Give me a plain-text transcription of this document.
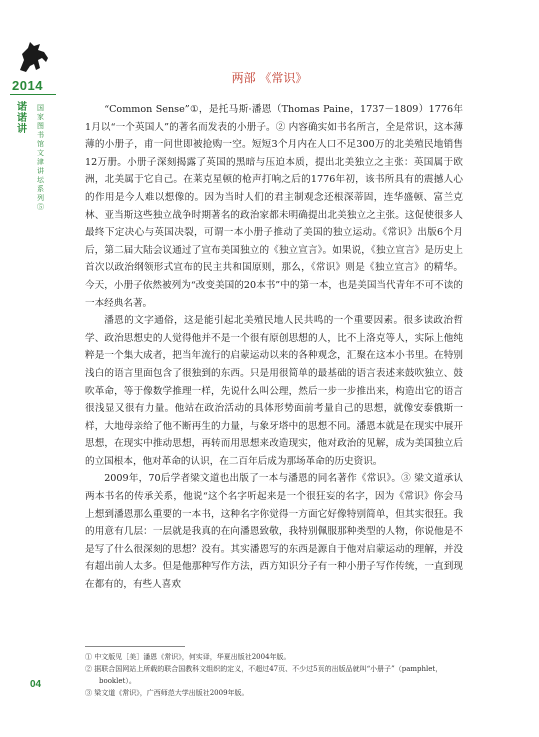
2014
诺诺讲
国家图书馆文津讲坛系列⑤
04
两部 《常识》

“Common Sense”①，是托马斯·潘恩（Thomas Paine，1737－1809）1776年1月以“一个英国人”的著名而发表的小册子。② 内容确实如书名所言，全是常识，这本薄薄的小册子，甫一问世即被抢购一空。短短3个月内在人口不足300万的北美殖民地销售12万册。小册子深刻揭露了英国的黑暗与压迫本质，提出北美独立之主张：英国属于欧洲，北美属于它自己。在莱克星顿的枪声打响之后的1776年初，该书所具有的震撼人心的作用是今人难以想像的。因为当时人们的君主制观念还根深蒂固，连华盛顿、富兰克林、亚当斯这些独立战争时期著名的政治家都未明确提出北美独立之主张。这促使很多人最终下定决心与英国决裂，可谓一本小册子推动了美国的独立运动。《常识》出版6个月后，第二届大陆会议通过了宣布美国独立的《独立宣言》。如果说，《独立宣言》是历史上首次以政治纲领形式宣布的民主共和国原则，那么，《常识》则是《独立宣言》的精华。今天，小册子依然被列为“改变美国的20本书”中的第一本，也是美国当代青年不可不读的一本经典名著。

潘恩的文字通俗，这是能引起北美殖民地人民共鸣的一个重要因素。很多读政治哲学、政治思想史的人觉得他并不是一个很有原创思想的人，比不上洛克等人，实际上他纯粹是一个集大成者，把当年流行的启蒙运动以来的各种观念，汇聚在这本小书里。在特别浅白的语言里面包含了很独到的东西。只是用很简单的最基础的语言表述来鼓吹独立、鼓吹革命，等于像数学推理一样，先说什么叫公理，然后一步一步推出来，构造出它的语言很浅显又很有力量。他站在政治活动的具体形势面前考量自己的思想，就像安泰俄斯一样，大地母亲给了他不断再生的力量，与象牙塔中的思想不同。潘恩本就是在现实中展开思想，在现实中推动思想，再转而用思想来改造现实，他对政治的见解，成为美国独立后的立国根本，他对革命的认识，在二百年后成为那场革命的历史资识。

2009年，70后学者梁文道也出版了一本与潘恩的同名著作《常识》。③ 梁文道承认两本书名的传承关系，他说“这个名字听起来是一个很狂妄的名字，因为《常识》你会马上想到潘恩那么重要的一本书，这种名字你觉得一方面它好像特别简单，但其实很狂。我的用意有几层：一层就是我真的在向潘恩致敬，我特别佩服那种类型的人物，你说他是不是写了什么很深刻的思想？没有。其实潘恩写的东西是源自于他对启蒙运动的理解，并没有超出前人太多。但是他那种写作方法，西方知识分子有一种小册子写作传统，一直到现在都有的，有些人喜欢

① 中文版见［美］潘恩《常识》，何实译，华夏出版社2004年版。
② 据联合国网站上所载的联合国教科文组织的定义，不超过47页、不少过5页的出版品就叫“小册子”（pamphlet，booklet）。
③ 梁文道《常识》，广西师范大学出版社2009年版。
